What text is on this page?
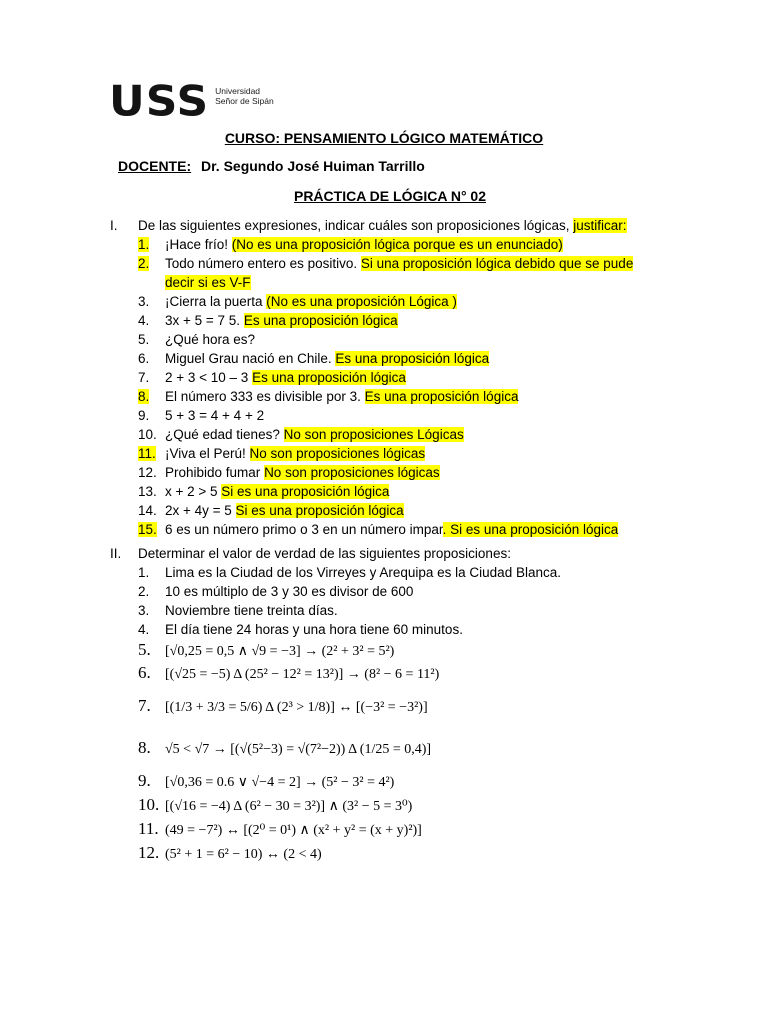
USS Universidad
Señor de Sipán
CURSO: PENSAMIENTO LÓGICO MATEMÁTICO
DOCENTE: Dr. Segundo José Huiman Tarrillo
PRÁCTICA DE LÓGICA N° 02
I. De las siguientes expresiones, indicar cuáles son proposiciones lógicas, justificar:
1. ¡Hace frío! (No es una proposición lógica porque es un enunciado)
2. Todo número entero es positivo. Si una proposición lógica debido que se pude
decir si es V-F
3. ¡Cierra la puerta (No es una proposición Lógica )
4. 3x + 5 = 7 5. Es una proposición lógica
5. ¿Qué hora es?
6. Miguel Grau nació en Chile. Es una proposición lógica
7. 2 + 3 < 10 – 3 Es una proposición lógica
8. El número 333 es divisible por 3. Es una proposición lógica
9. 5 + 3 = 4 + 4 + 2
10. ¿Qué edad tienes? No son proposiciones Lógicas
11. ¡Viva el Perú! No son proposiciones lógicas
12. Prohibido fumar No son proposiciones lógicas
13. x + 2 > 5 Si es una proposición lógica
14. 2x + 4y = 5 Si es una proposición lógica
15. 6 es un número primo o 3 en un número impar. Si es una proposición lógica
II. Determinar el valor de verdad de las siguientes proposiciones:
1. Lima es la Ciudad de los Virreyes y Arequipa es la Ciudad Blanca.
2. 10 es múltiplo de 3 y 30 es divisor de 600
3. Noviembre tiene treinta días.
4. El día tiene 24 horas y una hora tiene 60 minutos.
5. [√0,25 = 0,5 ∧ √9 = −3] → (2² + 3² = 5²)
6. [(√25 = −5) Δ (25² − 12² = 13²)] → (8² − 6 = 11²)
7. [(1/3 + 3/3 = 5/6) Δ (2³ > 1/8)] ↔ [(−3² = −3²)]
8. √5 < √7 → [(√(5²−3) = √(7²−2)) Δ (1/25 = 0,4)]
9. [√0,36 = 0.6 ∨ √−4 = 2] → (5² − 3² = 4²)
10. [(√16 = −4) Δ (6² − 30 = 3²)] ∧ (3² − 5 = 3⁰)
11. (49 = −7²) ↔ [(2⁰ = 0¹) ∧ (x² + y² = (x + y)²)]
12. (5² + 1 = 6² − 10) ↔ (2 < 4)
